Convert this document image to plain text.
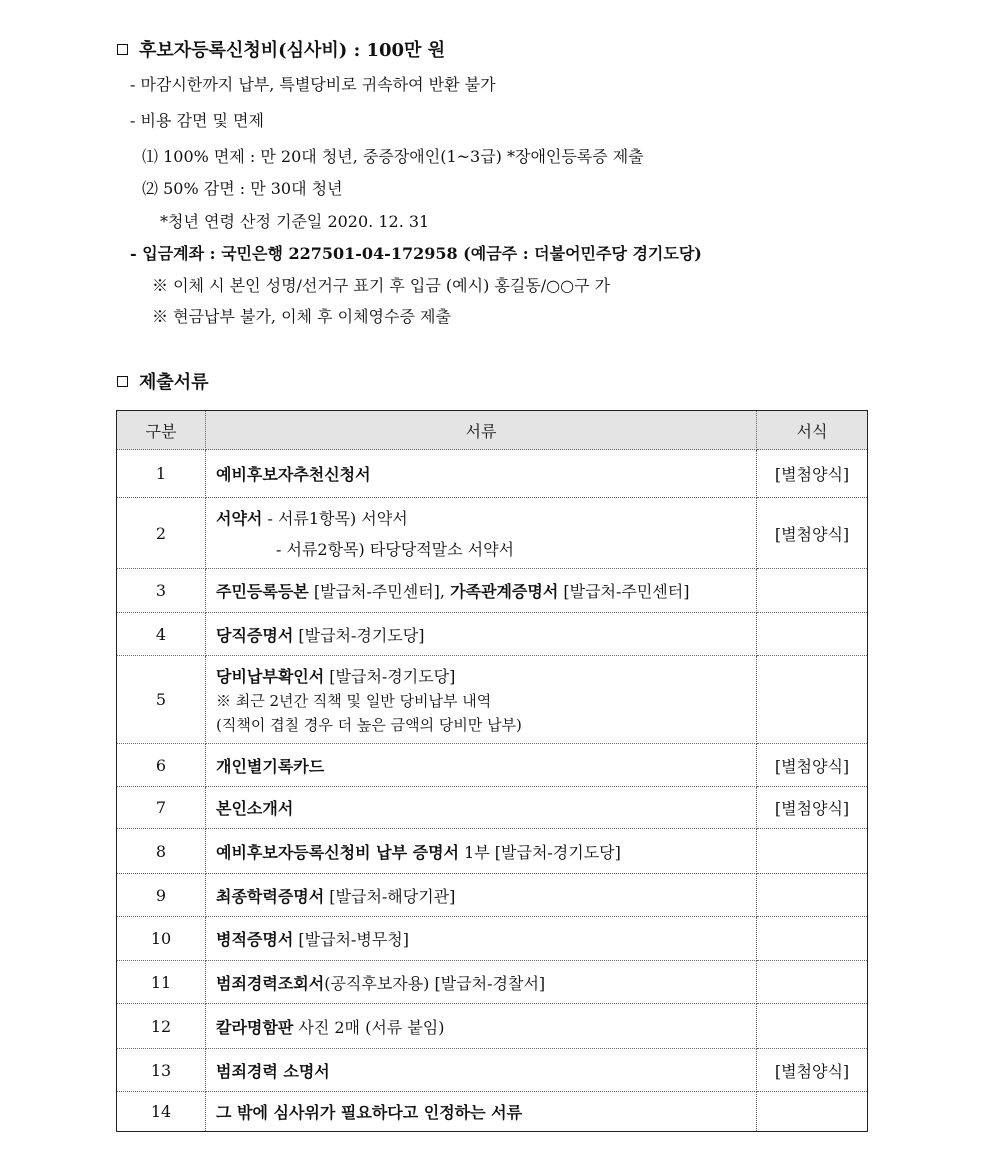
후보자등록신청비(심사비) : 100만 원
- 마감시한까지 납부, 특별당비로 귀속하여 반환 불가
- 비용 감면 및 면제
⑴ 100% 면제 : 만 20대 청년, 중증장애인(1~3급) *장애인등록증 제출
⑵ 50% 감면 : 만 30대 청년
*청년 연령 산정 기준일 2020. 12. 31
- 입금계좌 : 국민은행 227501-04-172958 (예금주 : 더불어민주당 경기도당)
※ 이체 시 본인 성명/선거구 표기 후 입금 (예시) 홍길동/○○구 가
※ 현금납부 불가, 이체 후 이체영수증 제출
제출서류
구분	서류	서식
1	예비후보자추천신청서	[별첨양식]
2	서약서 - 서류1항목) 서약서
- 서류2항목) 타당당적말소 서약서	[별첨양식]
3	주민등록등본 [발급처-주민센터], 가족관계증명서 [발급처-주민센터]	
4	당직증명서 [발급처-경기도당]	
5	당비납부확인서 [발급처-경기도당]
※ 최근 2년간 직책 및 일반 당비납부 내역
(직책이 겹칠 경우 더 높은 금액의 당비만 납부)	

6	개인별기록카드	[별첨양식]
7	본인소개서	[별첨양식]
8	예비후보자등록신청비 납부 증명서 1부 [발급처-경기도당]	
9	최종학력증명서 [발급처-해당기관]	
10	병적증명서 [발급처-병무청]	
11	범죄경력조회서(공직후보자용) [발급처-경찰서]	
12	칼라명함판 사진 2매 (서류 붙임)	
13	범죄경력 소명서	[별첨양식]
14	그 밖에 심사위가 필요하다고 인정하는 서류	
